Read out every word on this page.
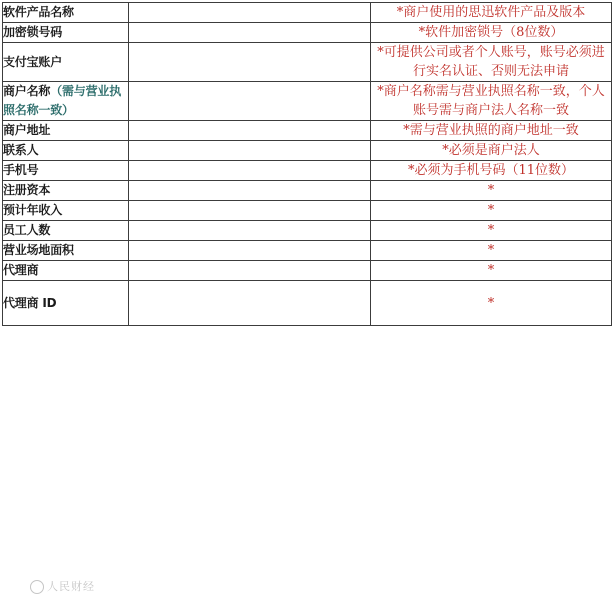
软件产品名称		*商户使用的思迅软件产品及版本
加密锁号码		*软件加密锁号（8位数）
支付宝账户		*可提供公司或者个人账号，账号必须进行实名认证、否则无法申请
商户名称（需与营业执照名称一致）		*商户名称需与营业执照名称一致，个人账号需与商户法人名称一致
商户地址		*需与营业执照的商户地址一致
联系人		*必须是商户法人
手机号		*必须为手机号码（11位数）
注册资本		*
预计年收入		*
员工人数		*
营业场地面积		*
代理商		*
代理商 ID		*
人民财经
